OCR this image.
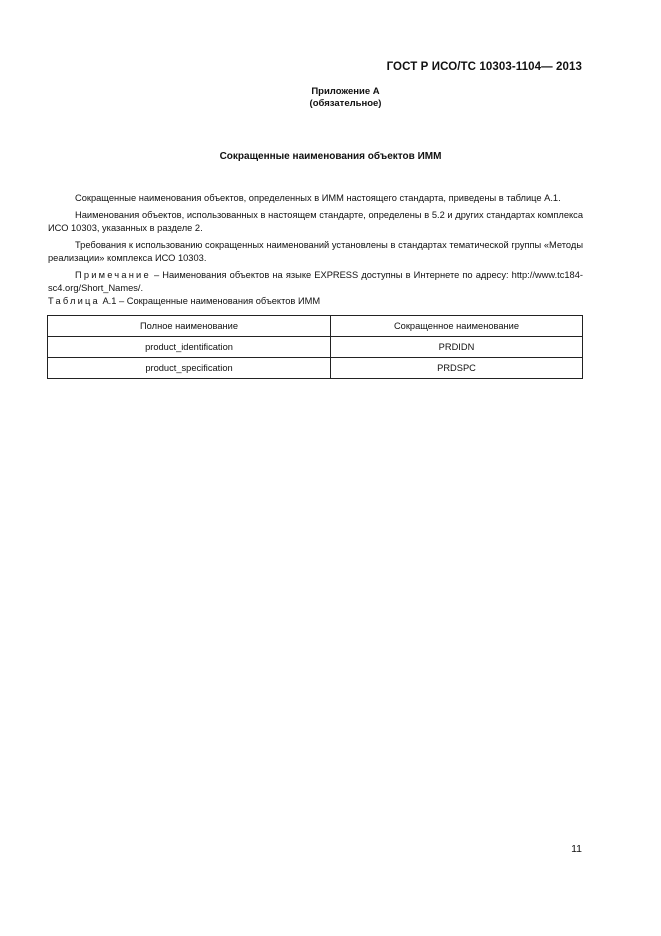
ГОСТ Р ИСО/ТС 10303-1104— 2013
Приложение А
(обязательное)
Сокращенные наименования объектов ИММ

Сокращенные наименования объектов, определенных в ИММ настоящего стандарта, приведены в таблице А.1.

Наименования объектов, использованных в настоящем стандарте, определены в 5.2 и других стандартах комплекса ИСО 10303, указанных в разделе 2.

Требования к использованию сокращенных наименований установлены в стандартах тематической группы «Методы реализации» комплекса ИСО 10303.

Примечание – Наименования объектов на языке EXPRESS доступны в Интернете по адресу: http://www.tc184-sc4.org/Short_Names/.

Таблица А.1 – Сокращенные наименования объектов ИММ
Полное наименование	Сокращенное наименование
product_identification	PRDIDN
product_specification	PRDSPC
11
